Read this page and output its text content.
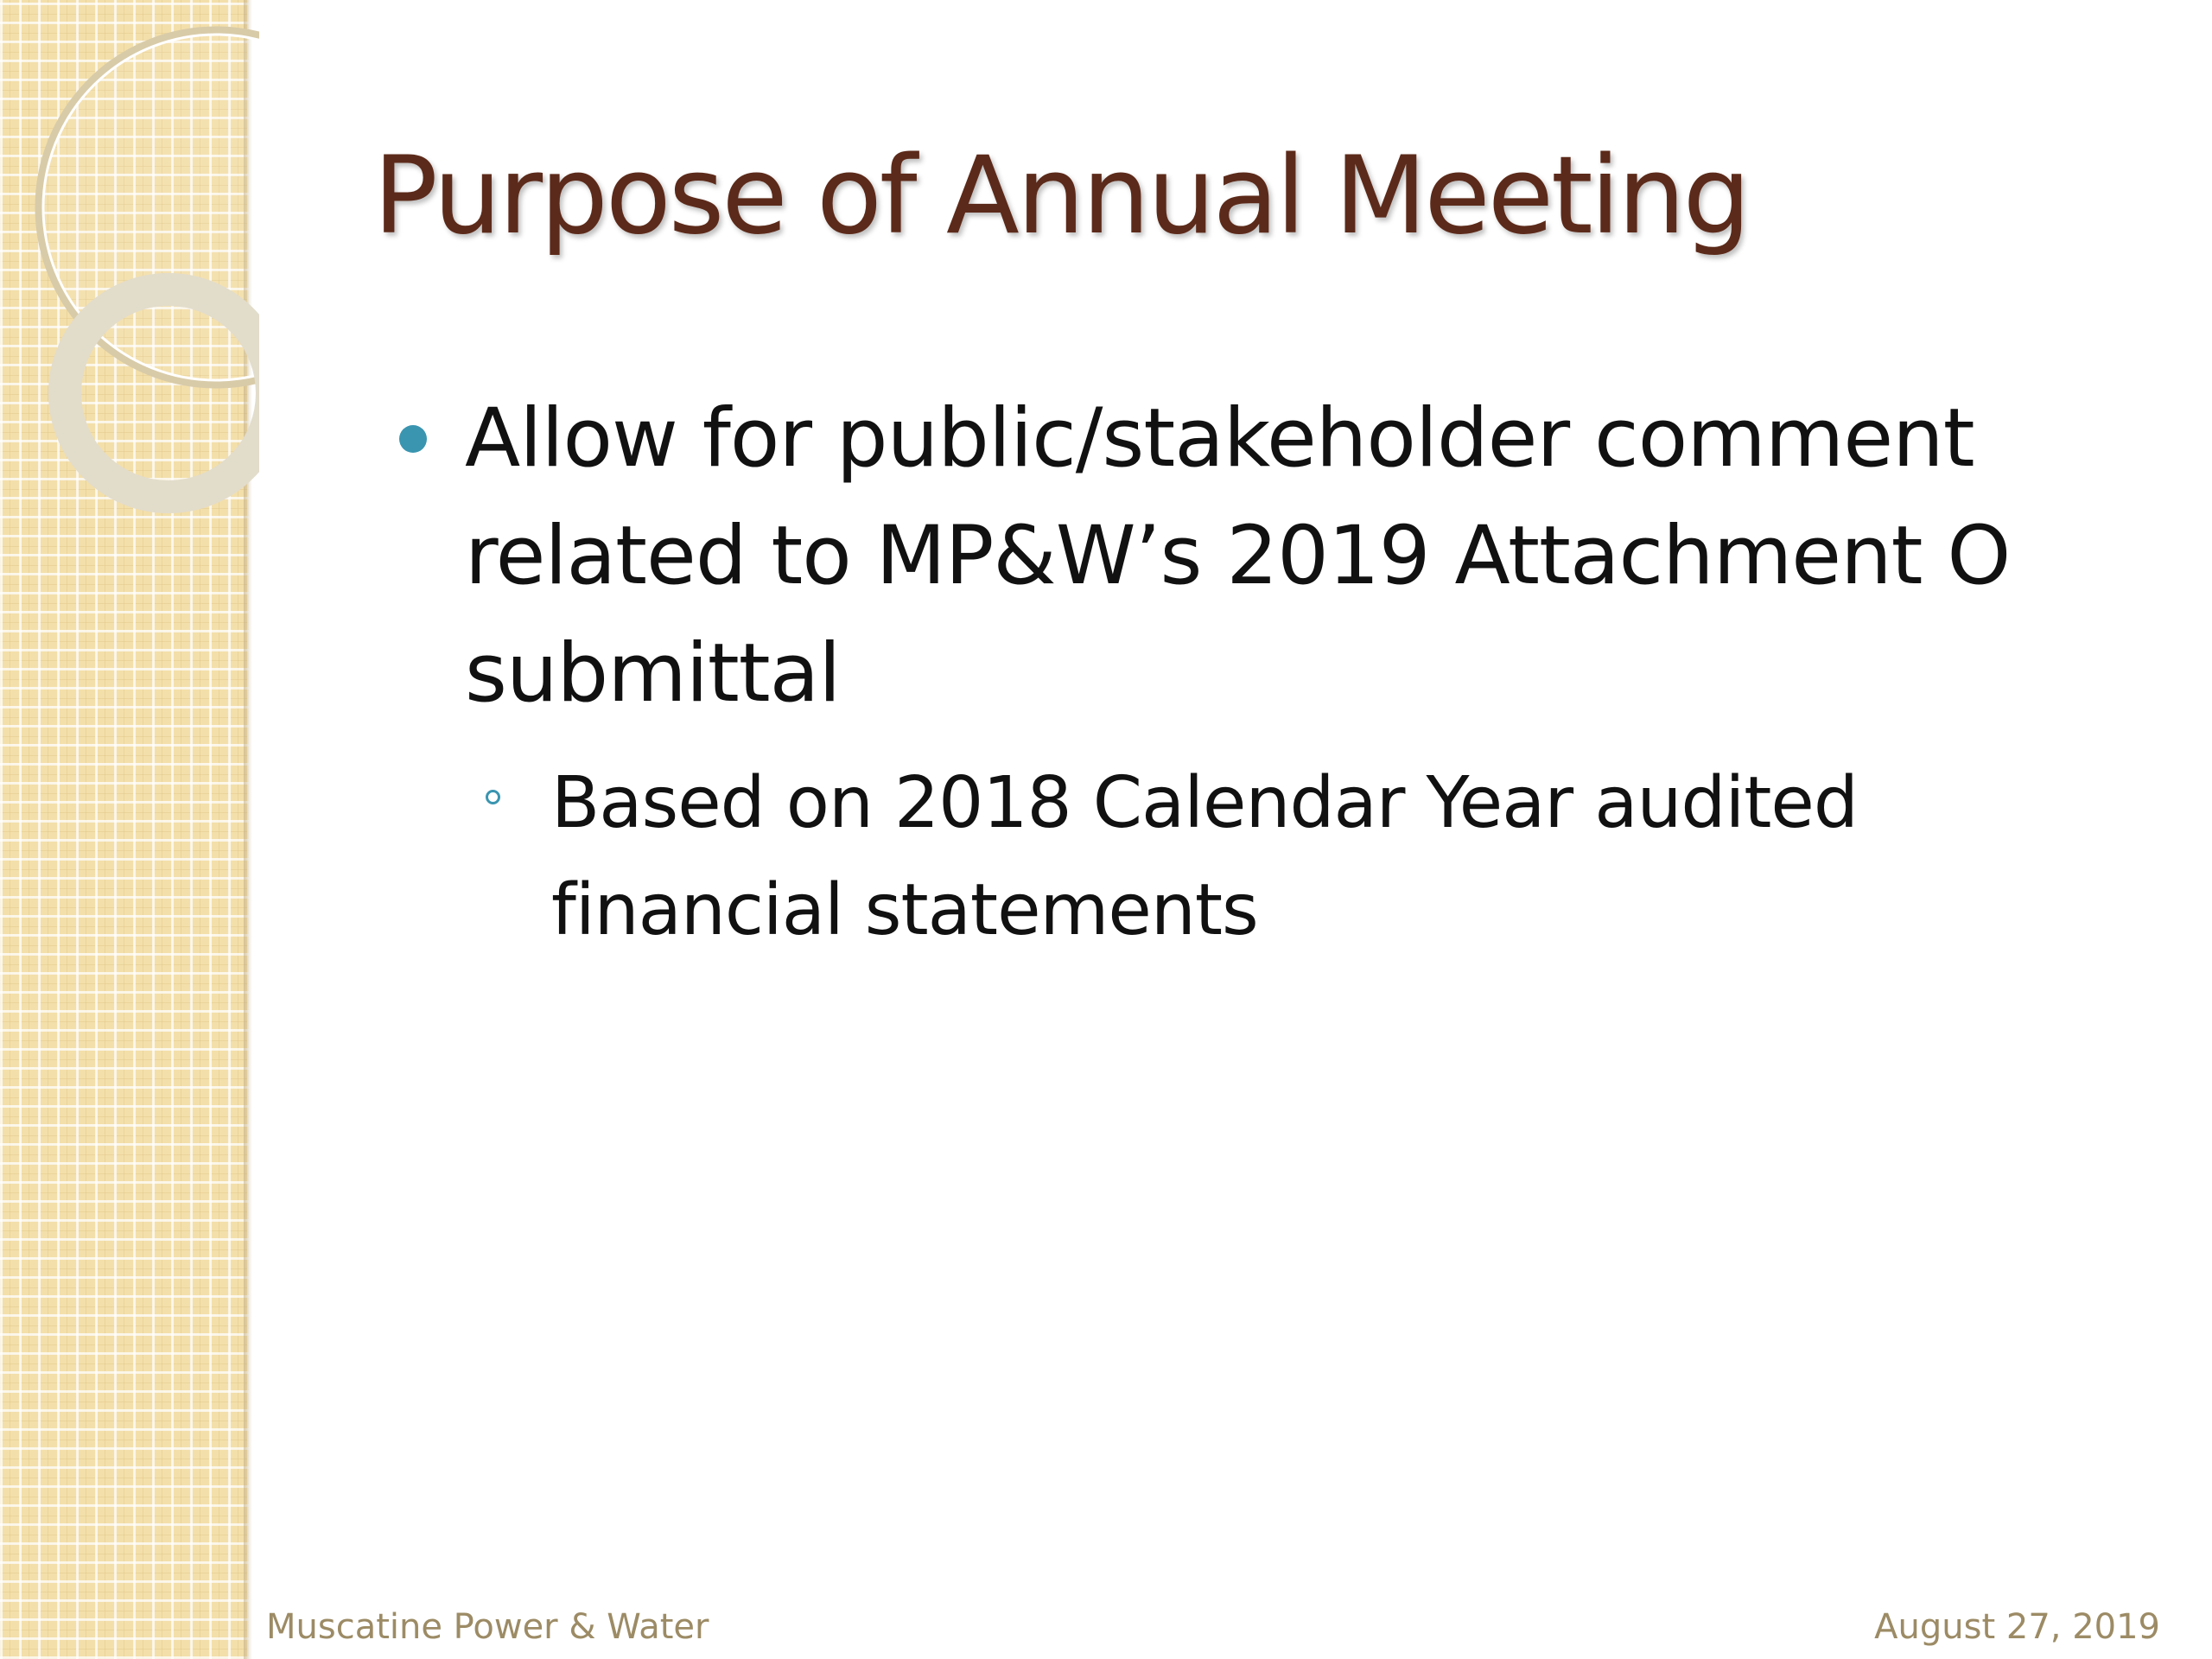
Purpose of Annual Meeting
Allow for public/stakeholder comment related to MP&W’s 2019 Attachment O submittal
Based on 2018 Calendar Year audited financial statements
Muscatine Power & Water	August 27, 2019
